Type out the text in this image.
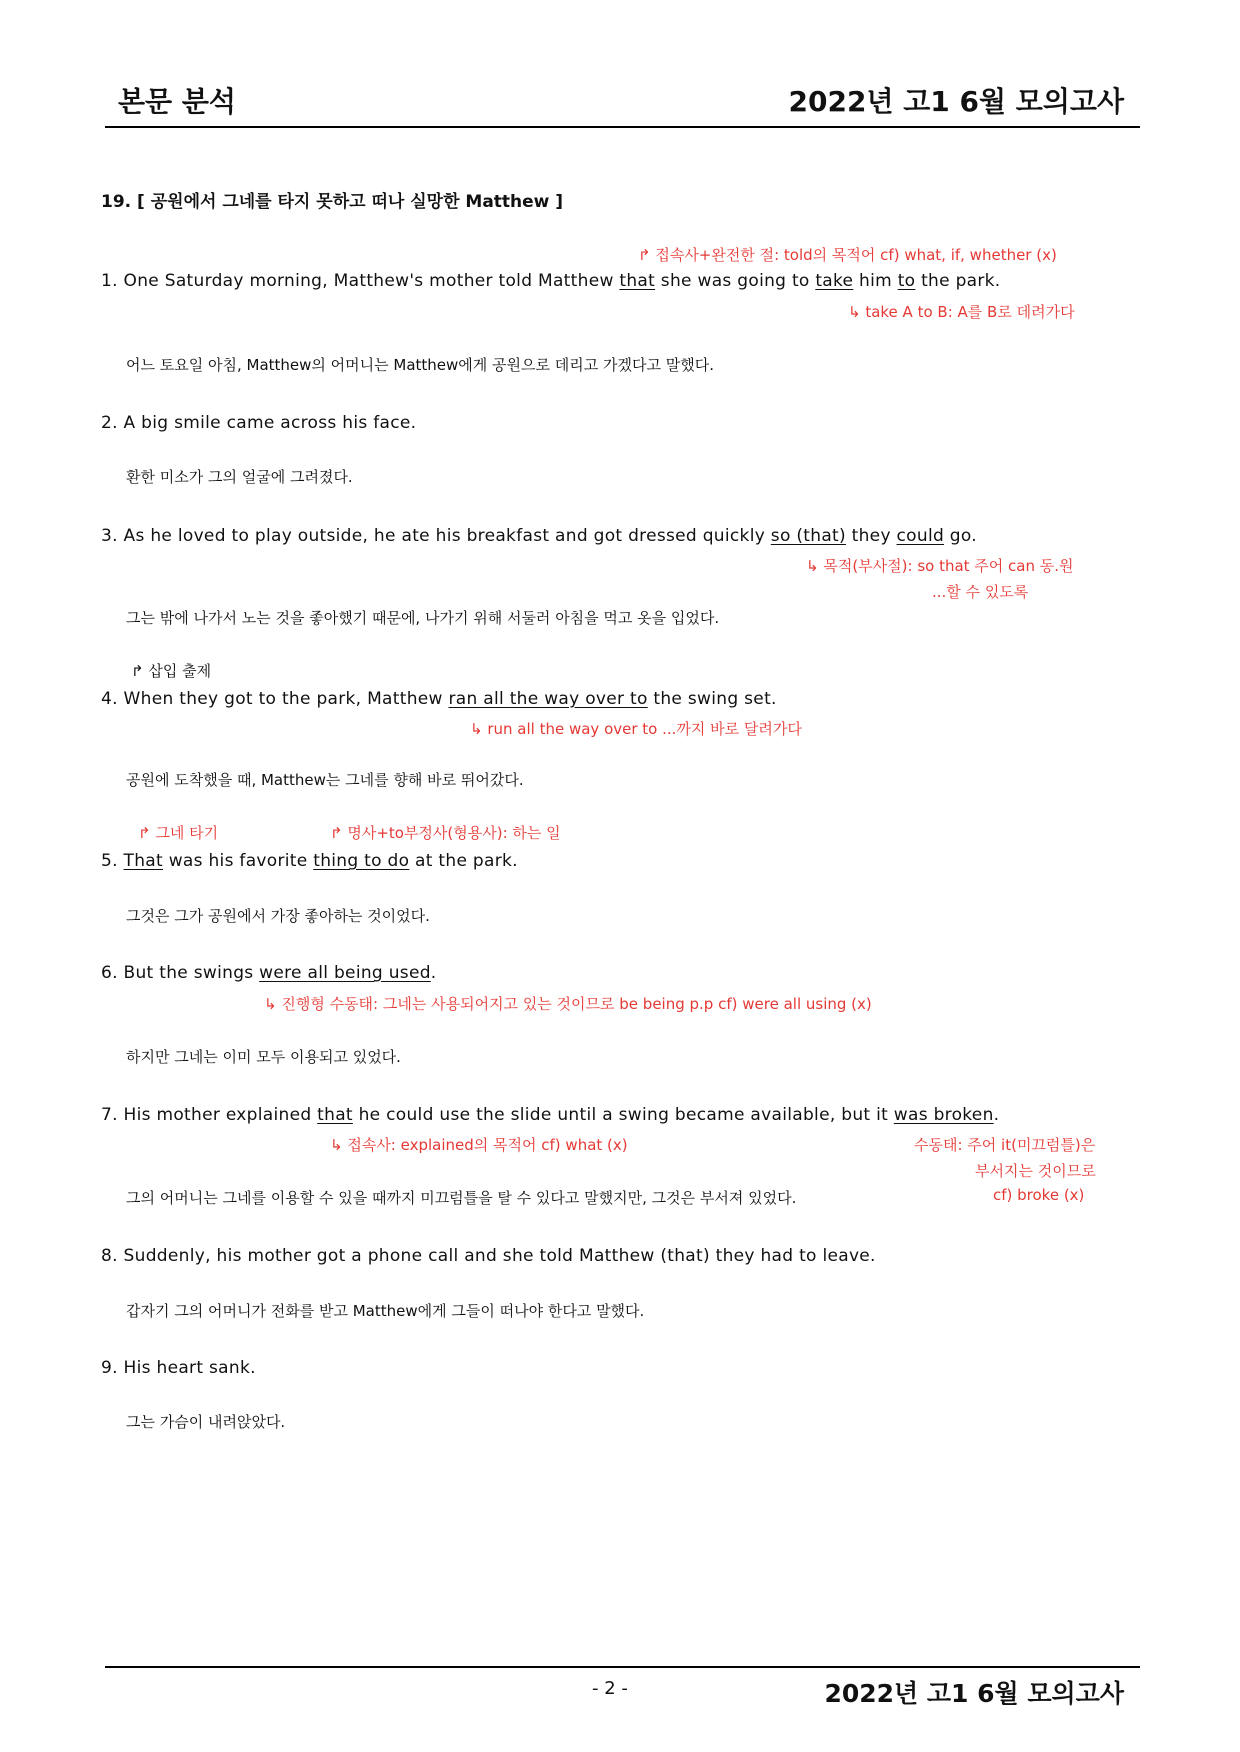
본문 분석	2022년 고1 6월 모의고사
19. [ 공원에서 그네를 타지 못하고 떠나 실망한 Matthew ]
↱ 접속사+완전한 절: told의 목적어 cf) what, if, whether (x)
1. One Saturday morning, Matthew's mother told Matthew that she was going to take him to the park.
↳ take A to B: A를 B로 데려가다
어느 토요일 아침, Matthew의 어머니는 Matthew에게 공원으로 데리고 가겠다고 말했다.
2. A big smile came across his face.
환한 미소가 그의 얼굴에 그려졌다.
3. As he loved to play outside, he ate his breakfast and got dressed quickly so (that) they could go.
↳ 목적(부사절): so that 주어 can 동.원
...할 수 있도록
그는 밖에 나가서 노는 것을 좋아했기 때문에, 나가기 위해 서둘러 아침을 먹고 옷을 입었다.
↱ 삽입 출제
4. When they got to the park, Matthew ran all the way over to the swing set.
↳ run all the way over to ...까지 바로 달려가다
공원에 도착했을 때, Matthew는 그네를 향해 바로 뛰어갔다.
↱ 그네 타기	↱ 명사+to부정사(형용사): 하는 일
5. That was his favorite thing to do at the park.
그것은 그가 공원에서 가장 좋아하는 것이었다.
6. But the swings were all being used.
↳ 진행형 수동태: 그네는 사용되어지고 있는 것이므로 be being p.p cf) were all using (x)
하지만 그네는 이미 모두 이용되고 있었다.
7. His mother explained that he could use the slide until a swing became available, but it was broken.
↳ 접속사: explained의 목적어 cf) what (x)	수동태: 주어 it(미끄럼틀)은
부서지는 것이므로
cf) broke (x)
그의 어머니는 그네를 이용할 수 있을 때까지 미끄럼틀을 탈 수 있다고 말했지만, 그것은 부서져 있었다.
8. Suddenly, his mother got a phone call and she told Matthew (that) they had to leave.
갑자기 그의 어머니가 전화를 받고 Matthew에게 그들이 떠나야 한다고 말했다.
9. His heart sank.
그는 가슴이 내려앉았다.
- 2 -	2022년 고1 6월 모의고사
